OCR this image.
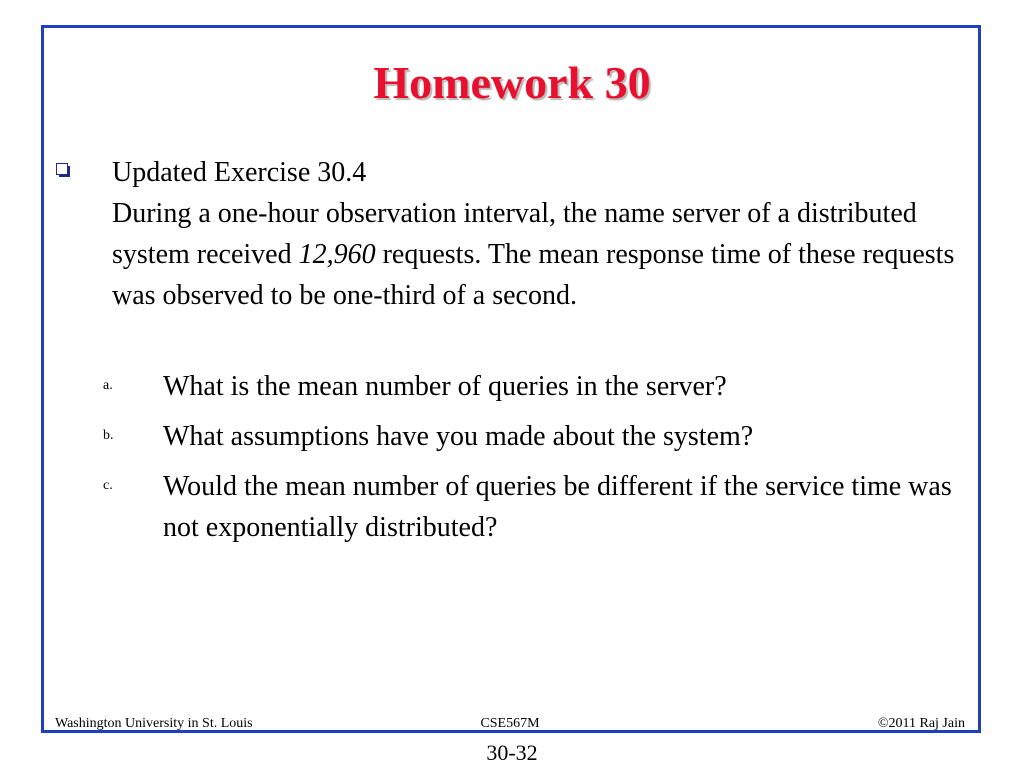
Homework 30

Updated Exercise 30.4

During a one-hour observation interval, the name server of a distributed system received 12,960 requests. The mean response time of these requests was observed to be one-third of a second.

a. What is the mean number of queries in the server?
b. What assumptions have you made about the system?
c. Would the mean number of queries be different if the service time was not exponentially distributed?
Washington University in St. Louis	CSE567M	©2011 Raj Jain
30-32
